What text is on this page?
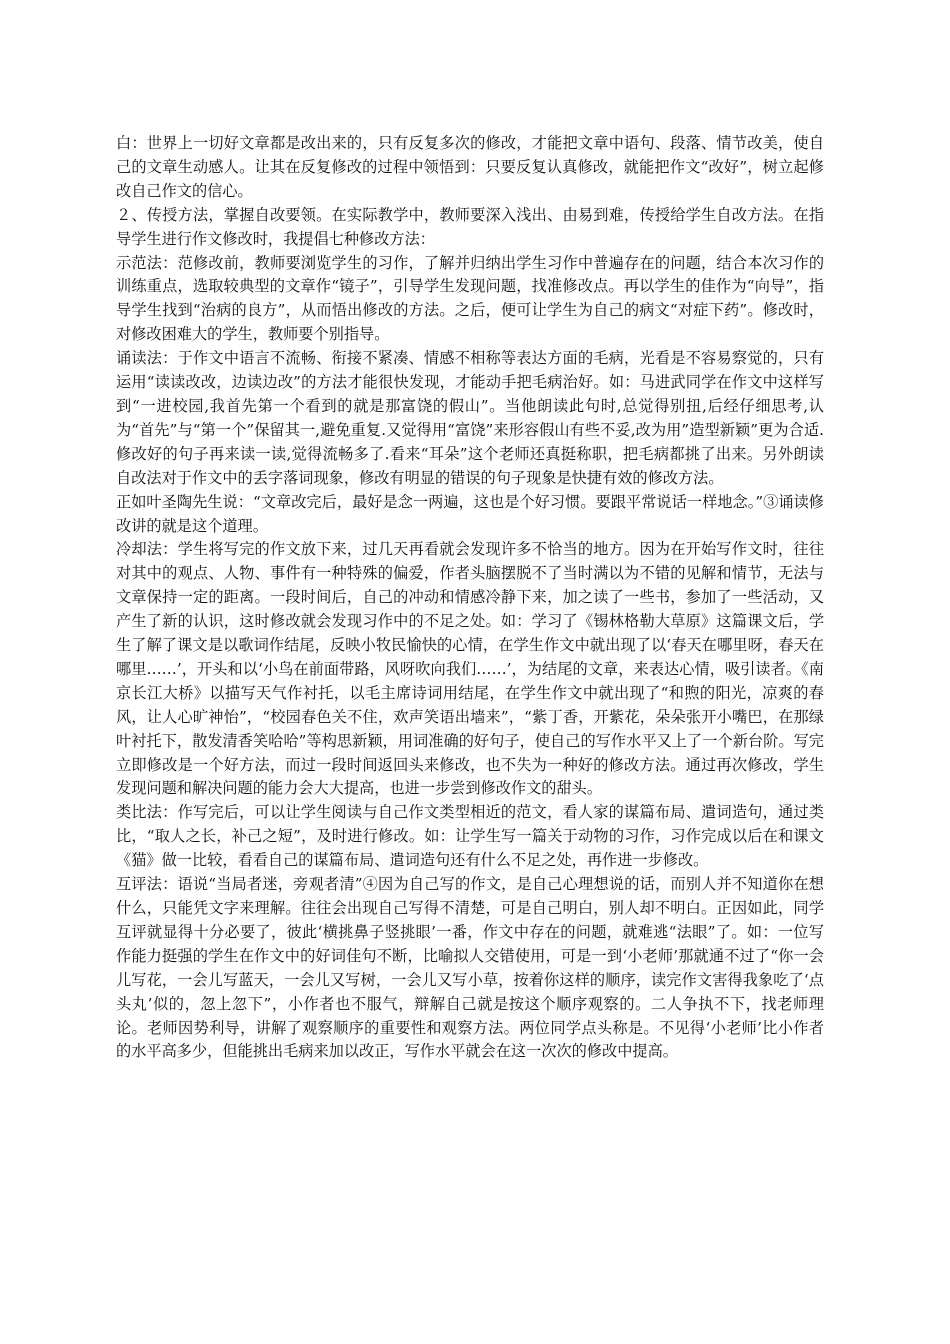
白：世界上一切好文章都是改出来的，只有反复多次的修改，才能把文章中语句、段落、情节改美，使自己的文章生动感人。让其在反复修改的过程中领悟到：只要反复认真修改，就能把作文“改好”，树立起修改自己作文的信心。

２、传授方法，掌握自改要领。在实际教学中，教师要深入浅出、由易到难，传授给学生自改方法。在指导学生进行作文修改时，我提倡七种修改方法：

示范法：范修改前，教师要浏览学生的习作，了解并归纳出学生习作中普遍存在的问题，结合本次习作的训练重点，选取较典型的文章作“镜子”，引导学生发现问题，找准修改点。再以学生的佳作为“向导”，指导学生找到“治病的良方”，从而悟出修改的方法。之后，便可让学生为自己的病文“对症下药”。修改时，对修改困难大的学生，教师要个别指导。

诵读法：于作文中语言不流畅、衔接不紧凑、情感不相称等表达方面的毛病，光看是不容易察觉的，只有运用“读读改改，边读边改”的方法才能很快发现，才能动手把毛病治好。如：马进武同学在作文中这样写到“一进校园,我首先第一个看到的就是那富饶的假山”。当他朗读此句时,总觉得别扭,后经仔细思考,认为“首先”与“第一个”保留其一,避免重复.又觉得用“富饶”来形容假山有些不妥,改为用”造型新颖”更为合适.修改好的句子再来读一读,觉得流畅多了.看来“耳朵”这个老师还真挺称职，把毛病都挑了出来。另外朗读自改法对于作文中的丢字落词现象，修改有明显的错误的句子现象是快捷有效的修改方法。

正如叶圣陶先生说：“文章改完后，最好是念一两遍，这也是个好习惯。要跟平常说话一样地念。”③诵读修改讲的就是这个道理。

冷却法：学生将写完的作文放下来，过几天再看就会发现许多不恰当的地方。因为在开始写作文时，往往对其中的观点、人物、事件有一种特殊的偏爱，作者头脑摆脱不了当时满以为不错的见解和情节，无法与文章保持一定的距离。一段时间后，自己的冲动和情感冷静下来，加之读了一些书，参加了一些活动，又产生了新的认识，这时修改就会发现习作中的不足之处。如：学习了《锡林格勒大草原》这篇课文后，学生了解了课文是以歌词作结尾，反映小牧民愉快的心情，在学生作文中就出现了以‘春天在哪里呀，春天在哪里……’，开头和以‘小鸟在前面带路，风呀吹向我们……’，为结尾的文章，来表达心情，吸引读者。《南京长江大桥》以描写天气作衬托，以毛主席诗词用结尾，在学生作文中就出现了“和煦的阳光，凉爽的春风，让人心旷神怡”，“校园春色关不住，欢声笑语出墙来”，“紫丁香，开紫花，朵朵张开小嘴巴，在那绿叶衬托下，散发清香笑哈哈”等构思新颖，用词准确的好句子，使自己的写作水平又上了一个新台阶。写完立即修改是一个好方法，而过一段时间返回头来修改，也不失为一种好的修改方法。通过再次修改，学生发现问题和解决问题的能力会大大提高，也进一步尝到修改作文的甜头。

类比法：作写完后，可以让学生阅读与自己作文类型相近的范文，看人家的谋篇布局、遣词造句，通过类比，“取人之长，补己之短”，及时进行修改。如：让学生写一篇关于动物的习作，习作完成以后在和课文《猫》做一比较，看看自己的谋篇布局、遣词造句还有什么不足之处，再作进一步修改。

互评法：语说“当局者迷，旁观者清”④因为自己写的作文，是自己心理想说的话，而别人并不知道你在想什么，只能凭文字来理解。往往会出现自己写得不清楚，可是自己明白，别人却不明白。正因如此，同学互评就显得十分必要了，彼此‘横挑鼻子竖挑眼’一番，作文中存在的问题，就难逃“法眼”了。如：一位写作能力挺强的学生在作文中的好词佳句不断，比喻拟人交错使用，可是一到‘小老师’那就通不过了“你一会儿写花，一会儿写蓝天，一会儿又写树，一会儿又写小草，按着你这样的顺序，读完作文害得我象吃了‘点头丸’似的，忽上忽下”，小作者也不服气，辩解自己就是按这个顺序观察的。二人争执不下，找老师理论。老师因势利导，讲解了观察顺序的重要性和观察方法。两位同学点头称是。不见得‘小老师’比小作者的水平高多少，但能挑出毛病来加以改正，写作水平就会在这一次次的修改中提高。
